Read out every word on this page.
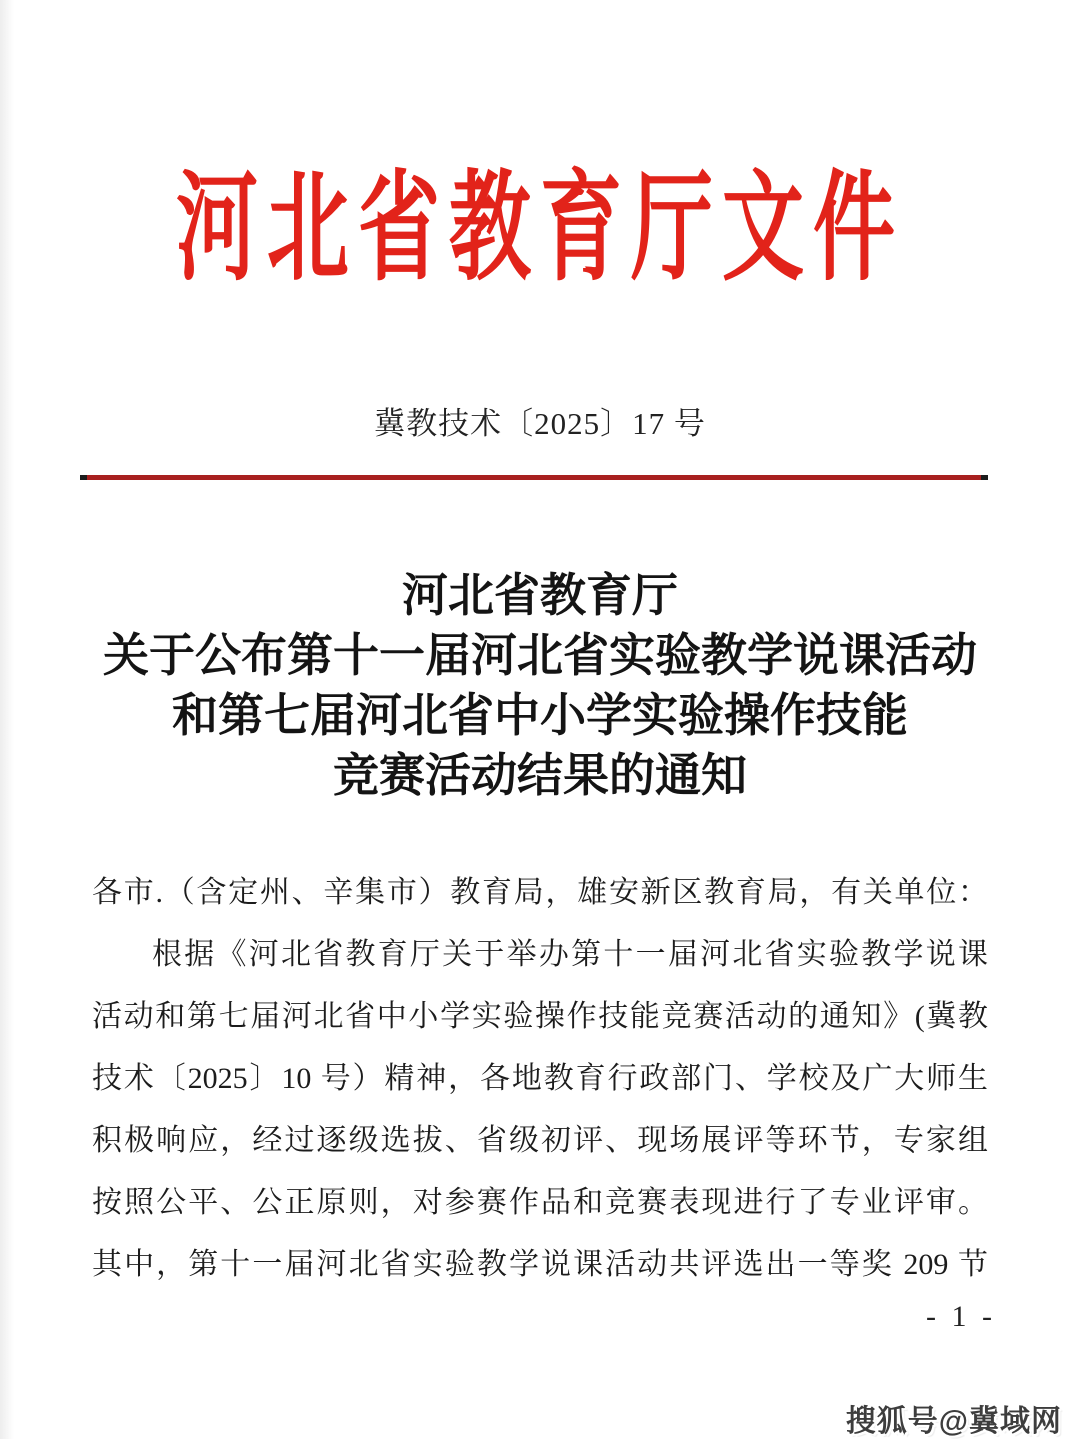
河北省教育厅文件
冀教技术〔2025〕17 号
河北省教育厅
关于公布第十一届河北省实验教学说课活动
和第七届河北省中小学实验操作技能
竞赛活动结果的通知
各市.（含定州、辛集市）教育局，雄安新区教育局，有关单位：
根据《河北省教育厅关于举办第十一届河北省实验教学说课
活动和第七届河北省中小学实验操作技能竞赛活动的通知》(冀教
技术〔2025〕10 号）精神，各地教育行政部门、学校及广大师生
积极响应，经过逐级选拔、省级初评、现场展评等环节，专家组
按照公平、公正原则，对参赛作品和竞赛表现进行了专业评审。
其中，第十一届河北省实验教学说课活动共评选出一等奖 209 节
- 1 -
搜狐号@冀域网
